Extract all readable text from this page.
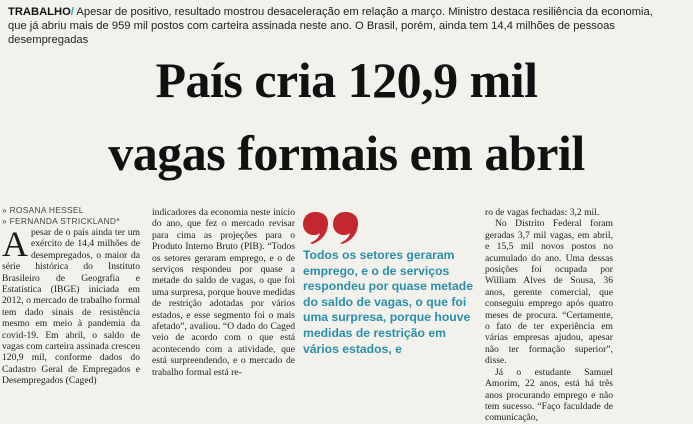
TRABALHO/ Apesar de positivo, resultado mostrou desaceleração em relação a março. Ministro destaca resiliência da economia,
que já abriu mais de 959 mil postos com carteira assinada neste ano. O Brasil, porém, ainda tem 14,4 milhões de pessoas desempregadas
País cria 120,9 mil
vagas formais em abril
» ROSANA HESSEL
» FERNANDA STRICKLAND*

Apesar de o país ainda ter um exército de 14,4 milhões de desempregados, o maior da série histórica do Instituto Brasileiro de Geografia e Estatística (IBGE) iniciada em 2012, o mercado de trabalho formal tem dado sinais de resistência mesmo em meio à pandemia da covid-19. Em abril, o saldo de vagas com carteira assinada cresceu 120,9 mil, conforme dados do Cadastro Geral de Empregados e Desempregados (Caged)

indicadores da economia neste início do ano, que fez o mercado revisar para cima as projeções para o Produto Interno Bruto (PIB). “Todos os setores geraram emprego, e o de serviços respondeu por quase a metade do saldo de vagas, o que foi uma surpresa, porque houve medidas de restrição adotadas por vários estados, e esse segmento foi o mais afetado”, avaliou. “O dado do Caged veio de acordo com o que está acontecendo com a atividade, que está surpreendendo, e o mercado de trabalho formal está re-

Todos os setores geraram emprego, e o de serviços respondeu por quase metade do saldo de vagas, o que foi uma surpresa, porque houve medidas de restrição em vários estados, e

ro de vagas fechadas: 3,2 mil.

No Distrito Federal foram geradas 3,7 mil vagas, em abril, e 15,5 mil novos postos no acumulado do ano. Uma dessas posições foi ocupada por William Alves de Sousa, 36 anos, gerente comercial, que conseguiu emprego após quatro meses de procura. “Certamente, o fato de ter experiência em várias empresas ajudou, apesar não ter formação superior”, disse.

Já o estudante Samuel Amorim, 22 anos, está há três anos procurando emprego e não tem sucesso. “Faço faculdade de comunicação,
